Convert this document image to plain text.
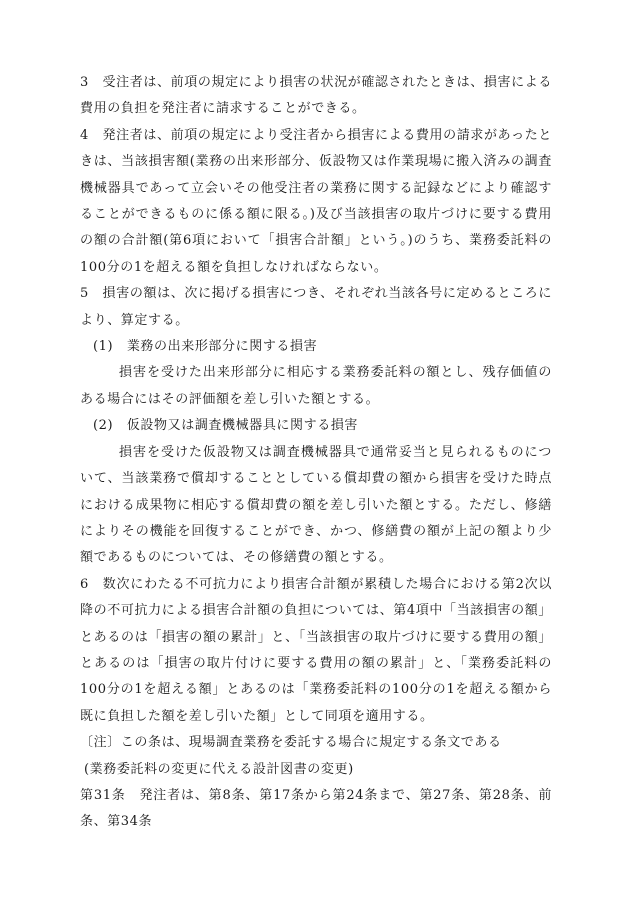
3　受注者は、前項の規定により損害の状況が確認されたときは、損害による費用の負担を発注者に請求することができる。

4　発注者は、前項の規定により受注者から損害による費用の請求があったときは、当該損害額(業務の出来形部分、仮設物又は作業現場に搬入済みの調査機械器具であって立会いその他受注者の業務に関する記録などにより確認することができるものに係る額に限る。)及び当該損害の取片づけに要する費用の額の合計額(第6項において「損害合計額」という。)のうち、業務委託料の100分の1を超える額を負担しなければならない。

5　損害の額は、次に掲げる損害につき、それぞれ当該各号に定めるところにより、算定する。

(1)　業務の出来形部分に関する損害

損害を受けた出来形部分に相応する業務委託料の額とし、残存価値のある場合にはその評価額を差し引いた額とする。

(2)　仮設物又は調査機械器具に関する損害

損害を受けた仮設物又は調査機械器具で通常妥当と見られるものについて、当該業務で償却することとしている償却費の額から損害を受けた時点における成果物に相応する償却費の額を差し引いた額とする。ただし、修繕によりその機能を回復することができ、かつ、修繕費の額が上記の額より少額であるものについては、その修繕費の額とする。

6　数次にわたる不可抗力により損害合計額が累積した場合における第2次以降の不可抗力による損害合計額の負担については、第4項中「当該損害の額」とあるのは「損害の額の累計」と、「当該損害の取片づけに要する費用の額」とあるのは「損害の取片付けに要する費用の額の累計」と、「業務委託料の100分の1を超える額」とあるのは「業務委託料の100分の1を超える額から既に負担した額を差し引いた額」として同項を適用する。

〔注〕この条は、現場調査業務を委託する場合に規定する条文である

(業務委託料の変更に代える設計図書の変更)

第31条　発注者は、第8条、第17条から第24条まで、第27条、第28条、前条、第34条
